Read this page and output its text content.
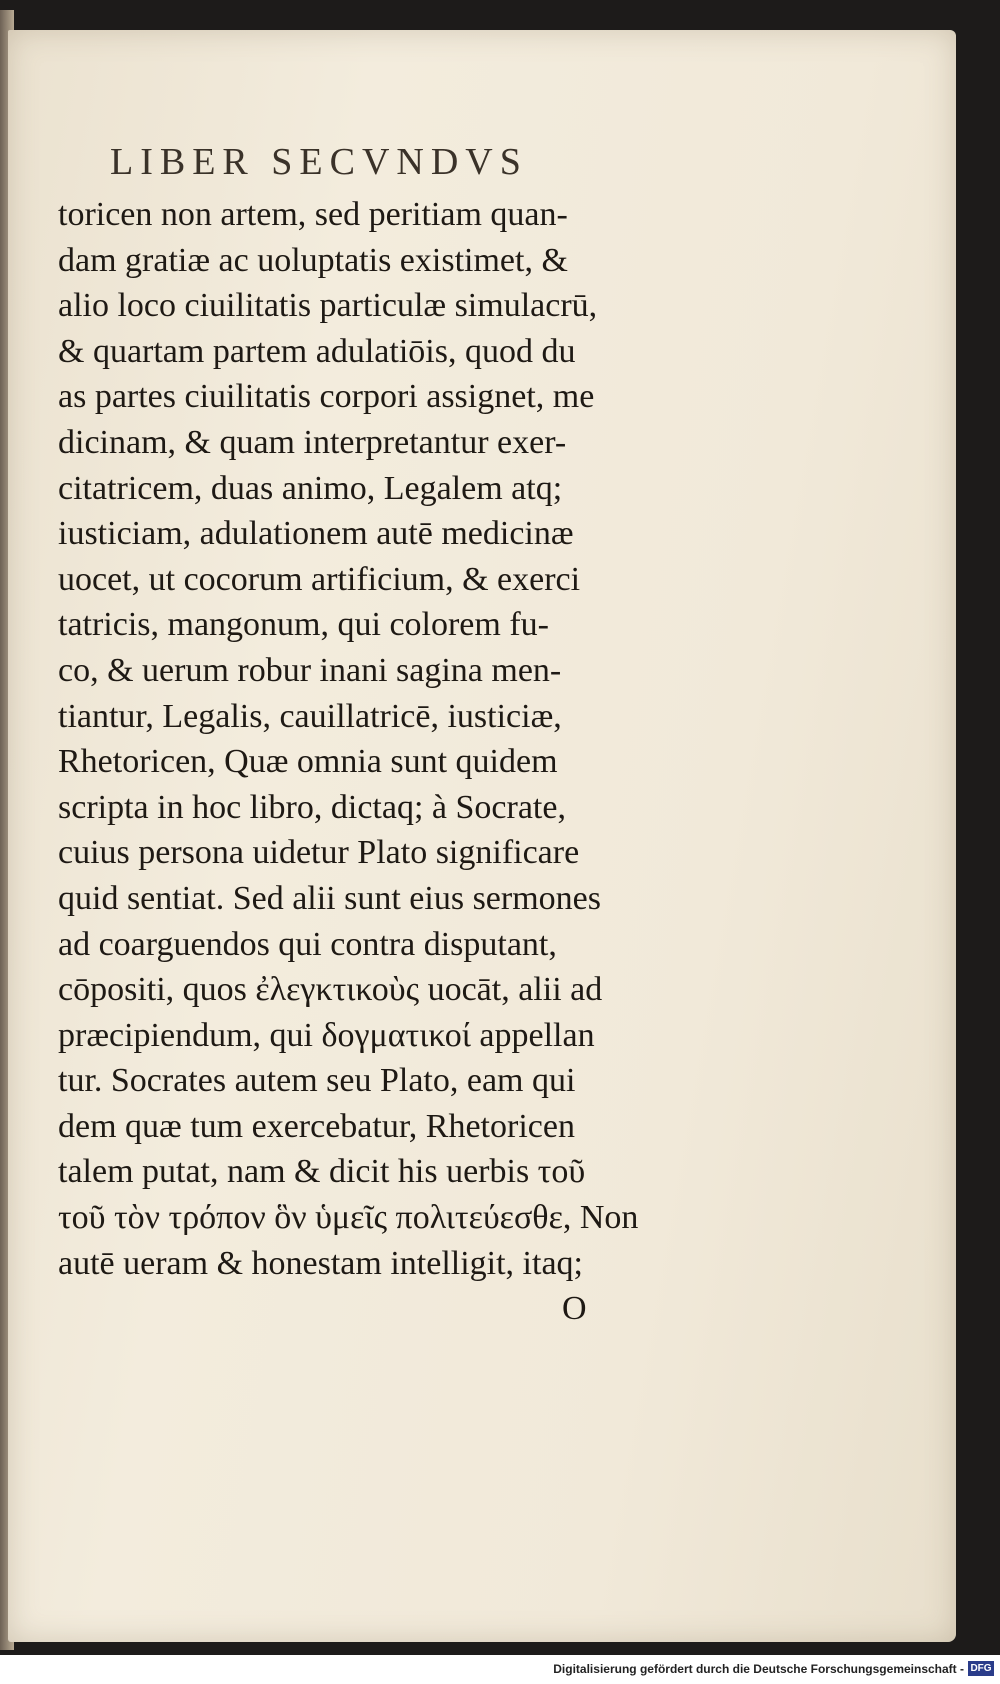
LIBER SECVNDVS
toricen non artem, sed peritiam quan-
dam gratiæ ac uoluptatis existimet, &
alio loco ciuilitatis particulæ simulacrū,
& quartam partem adulatiōis, quod du
as partes ciuilitatis corpori assignet, me
dicinam, & quam interpretantur exer-
citatricem, duas animo, Legalem atq;
iusticiam, adulationem autē medicinæ
uocet, ut cocorum artificium, & exerci
tatricis, mangonum, qui colorem fu-
co, & uerum robur inani sagina men-
tiantur, Legalis, cauillatricē, iusticiæ,
Rhetoricen, Quæ omnia sunt quidem
scripta in hoc libro, dictaq; à Socrate,
cuius persona uidetur Plato significare
quid sentiat. Sed alii sunt eius sermones
ad coarguendos qui contra disputant,
cōpositi, quos ἐλεγκτικοὺς uocāt, alii ad
præcipiendum, qui δογματικοί appellan
tur. Socrates autem seu Plato, eam qui
dem quæ tum exercebatur, Rhetoricen
talem putat, nam & dicit his uerbis τοῦ
τοῦ τὸν τρόπον ὃν ὑμεῖς πολιτεύεσθε, Non
autē ueram & honestam intelligit, itaq;
O
Digitalisierung gefördert durch die Deutsche Forschungsgemeinschaft - DFG
